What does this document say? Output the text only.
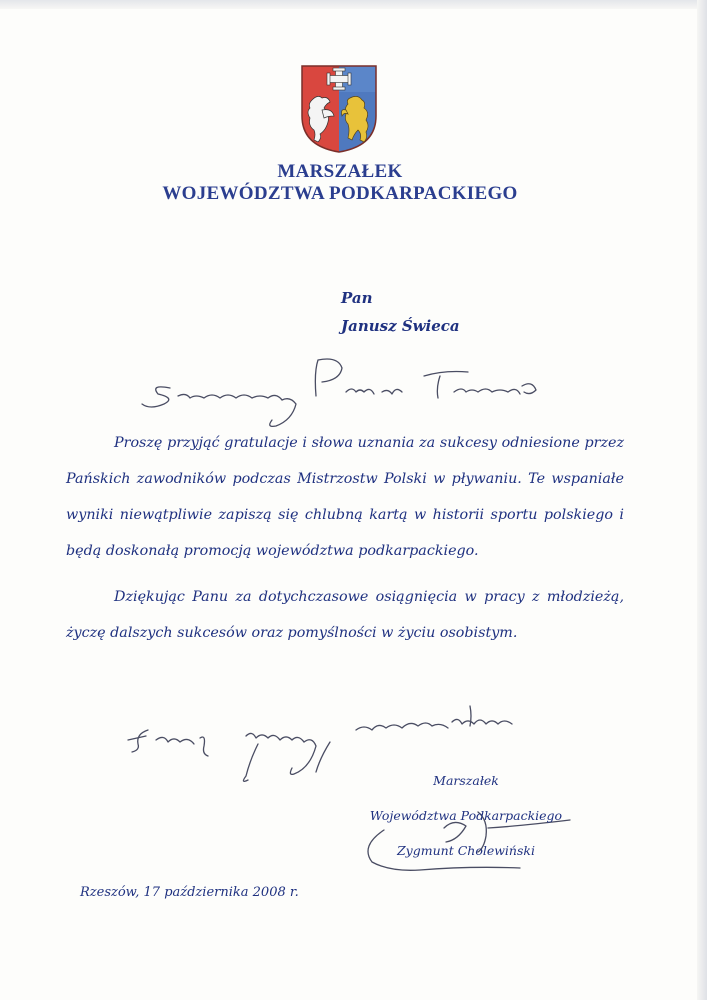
MARSZAŁEK
WOJEWÓDZTWA PODKARPACKIEGO
Pan
Janusz Świeca

Proszę przyjąć gratulacje i słowa uznania za sukcesy odniesione przez Pańskich zawodników podczas Mistrzostw Polski w pływaniu. Te wspaniałe wyniki niewątpliwie zapiszą się chlubną kartą w historii sportu polskiego i będą doskonałą promocją województwa podkarpackiego.

Dziękując Panu za dotychczasowe osiągnięcia w pracy z młodzieżą, życzę dalszych sukcesów oraz pomyślności w życiu osobistym.

Marszałek
Województwa Podkarpackiego
Zygmunt Cholewiński
Rzeszów, 17 października 2008 r.
